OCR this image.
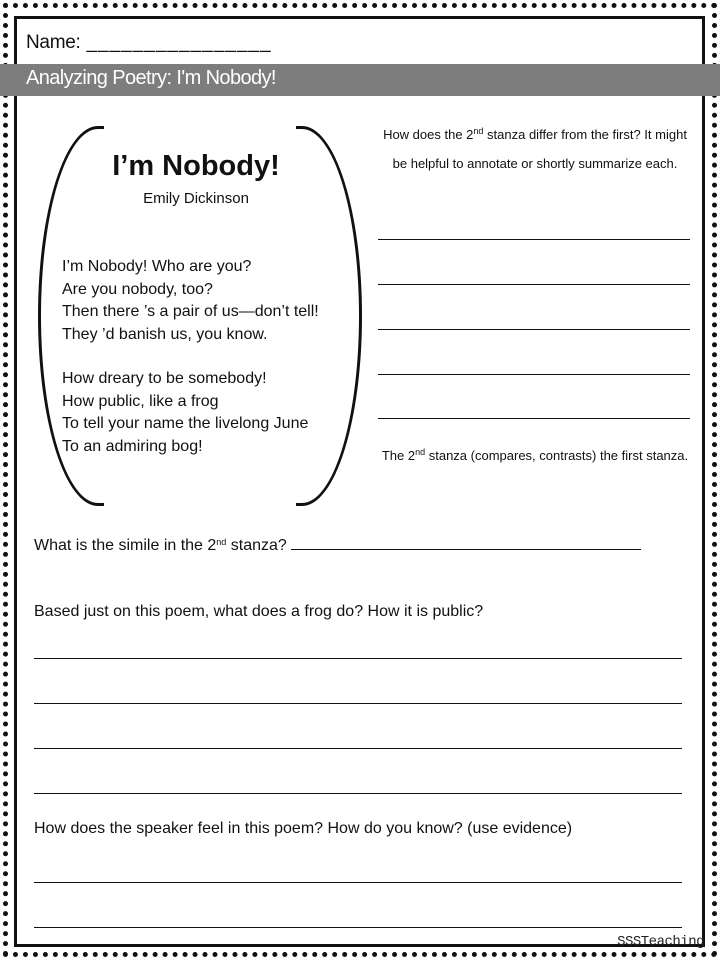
Name: ________________
Analyzing Poetry: I'm Nobody!
I’m Nobody!
Emily Dickinson
I’m Nobody! Who are you?
Are you nobody, too?
Then there ’s a pair of us—don’t tell!
They ’d banish us, you know.
How dreary to be somebody!
How public, like a frog
To tell your name the livelong June
To an admiring bog!
How does the 2nd stanza differ from the first? It might be helpful to annotate or shortly summarize each.
The 2nd stanza (compares, contrasts) the first stanza.
What is the simile in the 2nd stanza?
Based just on this poem, what does a frog do? How it is public?
How does the speaker feel in this poem? How do you know? (use evidence)
SSSTeaching
